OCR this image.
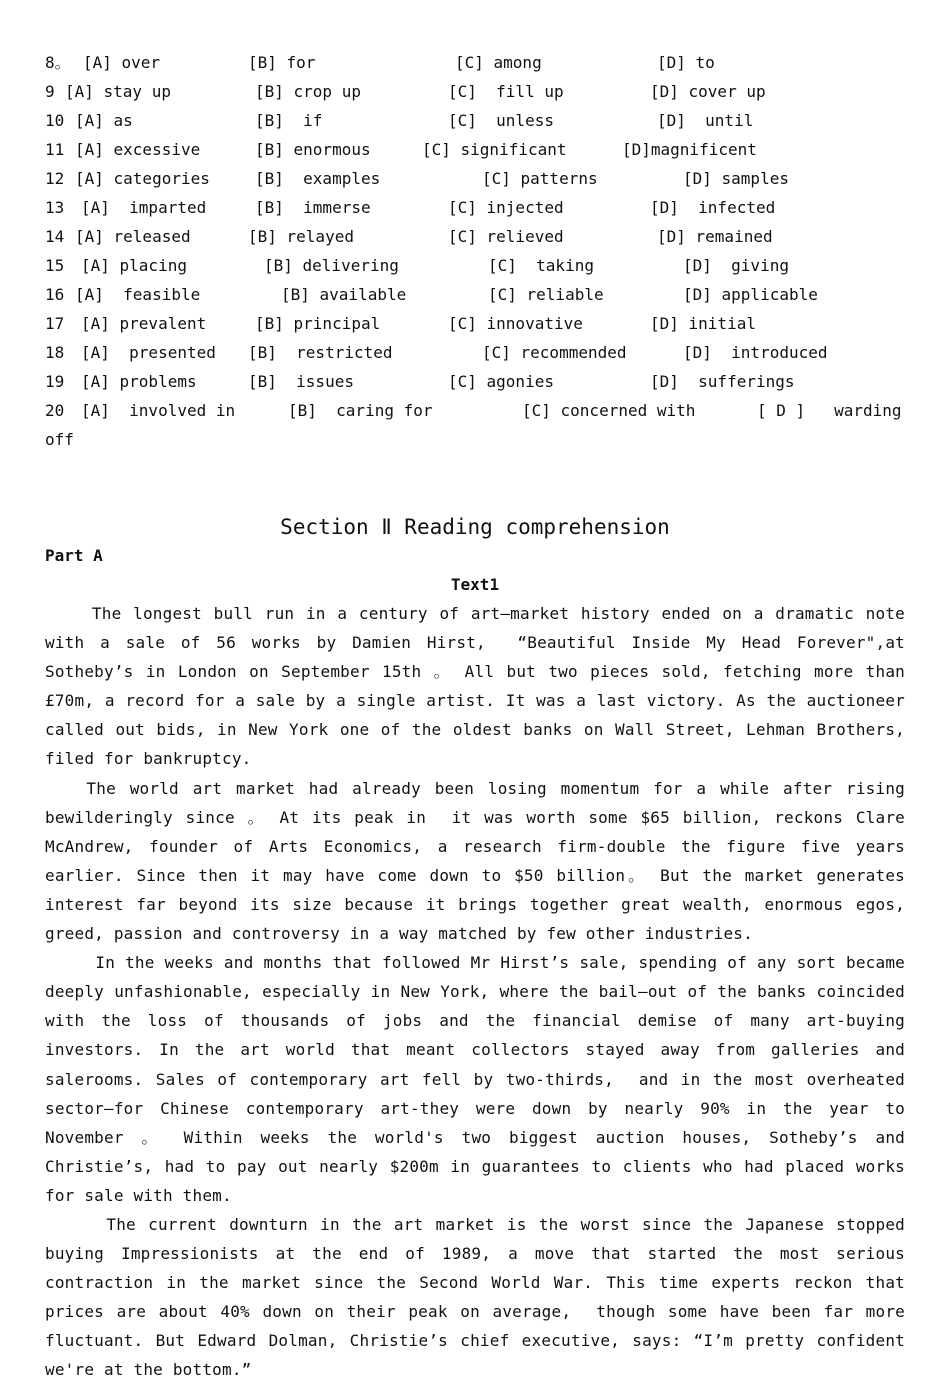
8。 [A] over	[B] for	[C] among	[D] to
9 [A] stay up	[B] crop up	[C]  fill up	[D] cover up
10 [A] as	[B]  if	[C]  unless	[D]  until
11 [A] excessive	[B] enormous	[C] significant	[D]magnificent
12 [A] categories	[B]  examples	[C] patterns	[D] samples
13 [A]  imparted	[B]  immerse	[C] injected	[D]  infected
14 [A] released	[B] relayed	[C] relieved	[D] remained
15 [A] placing	[B] delivering	[C]  taking	[D]  giving
16 [A]  feasible	[B] available	[C] reliable	[D] applicable
17 [A] prevalent	[B] principal	[C] innovative	[D] initial
18 [A]  presented [B]  restricted	[C] recommended	[D]  introduced
19 [A] problems	[B]  issues	[C] agonies	[D]  sufferings
20 [A]  involved in	[B]  caring for	[C] concerned with	[ D ]   warding
off
Section Ⅱ Reading comprehension
Part A
Text1

The longest bull run in a century of art—market history ended on a dramatic note with a sale of 56 works by Damien Hirst,  “Beautiful Inside My Head Forever",at Sotheby’s in London on September 15th 。 All but two pieces sold, fetching more than £70m, a record for a sale by a single artist. It was a last victory. As the auctioneer called out bids, in New York one of the oldest banks on Wall Street, Lehman Brothers, filed for bankruptcy.

The world art market had already been losing momentum for a while after rising bewilderingly since 。 At its peak in  it was worth some $65 billion, reckons Clare McAndrew, founder of Arts Economics, a research firm-double the figure five years earlier. Since then it may have come down to $50 billion。 But the market generates interest far beyond its size because it brings together great wealth, enormous egos, greed, passion and controversy in a way matched by few other industries.

In the weeks and months that followed Mr Hirst’s sale, spending of any sort became deeply unfashionable, especially in New York, where the bail—out of the banks coincided with the loss of thousands of jobs and the financial demise of many art-buying investors. In the art world that meant collectors stayed away from galleries and salerooms. Sales of contemporary art fell by two-thirds,  and in the most overheated sector—for Chinese contemporary art-they were down by nearly 90% in the year to November 。 Within weeks the world's two biggest auction houses, Sotheby’s and Christie’s, had to pay out nearly $200m in guarantees to clients who had placed works for sale with them.

The current downturn in the art market is the worst since the Japanese stopped buying Impressionists at the end of 1989, a move that started the most serious contraction in the market since the Second World War. This time experts reckon that prices are about 40% down on their peak on average,  though some have been far more fluctuant. But Edward Dolman, Christie’s chief executive, says: “I’m pretty confident we're at the bottom.”
